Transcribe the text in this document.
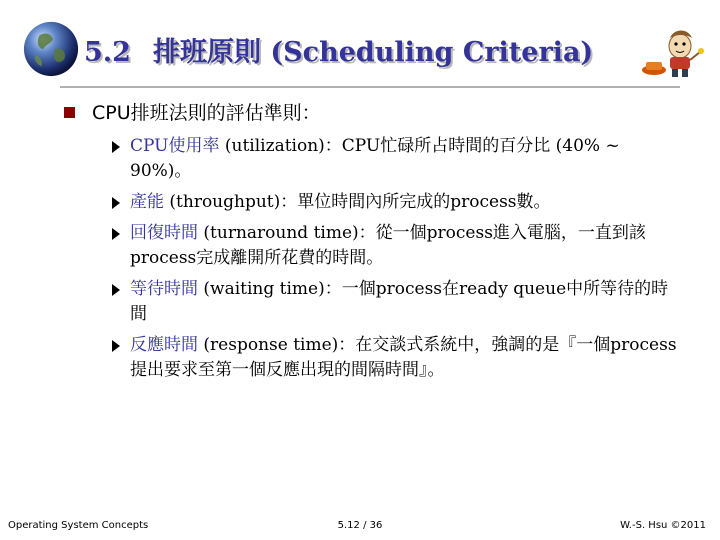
5.2 排班原則 (Scheduling Criteria)
CPU排班法則的評估準則：
CPU使用率 (utilization)：CPU忙碌所占時間的百分比 (40% ~ 90%)。
產能 (throughput)：單位時間內所完成的process數。
回復時間 (turnaround time)：從一個process進入電腦，一直到該process完成離開所花費的時間。
等待時間 (waiting time)：一個process在ready queue中所等待的時間
反應時間 (response time)：在交談式系統中，強調的是『一個process提出要求至第一個反應出現的間隔時間』。
Operating System Concepts	5.12 / 36	W.-S. Hsu ©2011
